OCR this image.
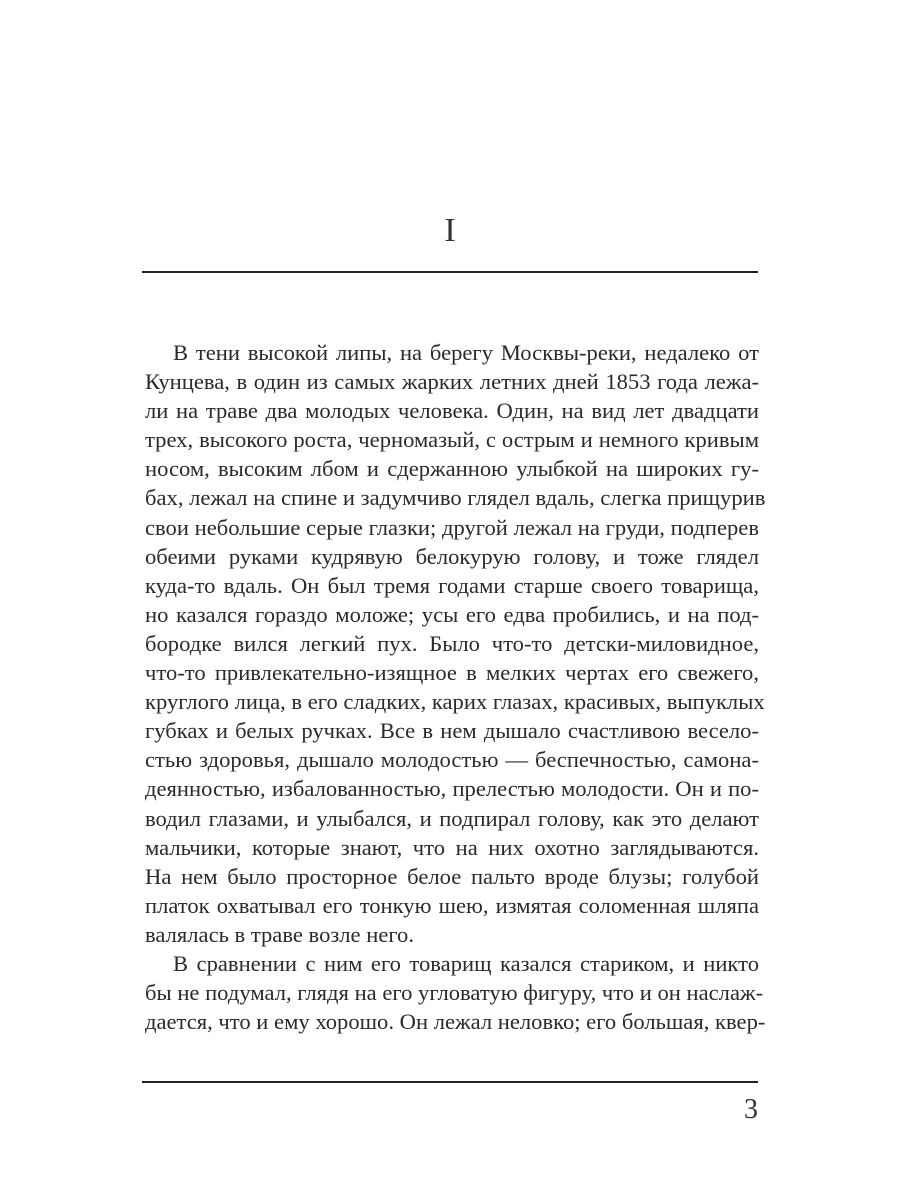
I
В тени высокой липы, на берегу Москвы-реки, недалеко от
Кунцева, в один из самых жарких летних дней 1853 года лежа-
ли на траве два молодых человека. Один, на вид лет двадцати
трех, высокого роста, черномазый, с острым и немного кривым
носом, высоким лбом и сдержанною улыбкой на широких гу-
бах, лежал на спине и задумчиво глядел вдаль, слегка прищурив
свои небольшие серые глазки; другой лежал на груди, подперев
обеими руками кудрявую белокурую голову, и тоже глядел
куда-то вдаль. Он был тремя годами старше своего товарища,
но казался гораздо моложе; усы его едва пробились, и на под-
бородке вился легкий пух. Было что-то детски-миловидное,
что-то привлекательно-изящное в мелких чертах его свежего,
круглого лица, в его сладких, карих глазах, красивых, выпуклых
губках и белых ручках. Все в нем дышало счастливою весело-
стью здоровья, дышало молодостью — беспечностью, самона-
деянностью, избалованностью, прелестью молодости. Он и по-
водил глазами, и улыбался, и подпирал голову, как это делают
мальчики, которые знают, что на них охотно заглядываются.
На нем было просторное белое пальто вроде блузы; голубой
платок охватывал его тонкую шею, измятая соломенная шляпа
валялась в траве возле него.
В сравнении с ним его товарищ казался стариком, и никто
бы не подумал, глядя на его угловатую фигуру, что и он наслаж-
дается, что и ему хорошо. Он лежал неловко; его большая, квер-
3
